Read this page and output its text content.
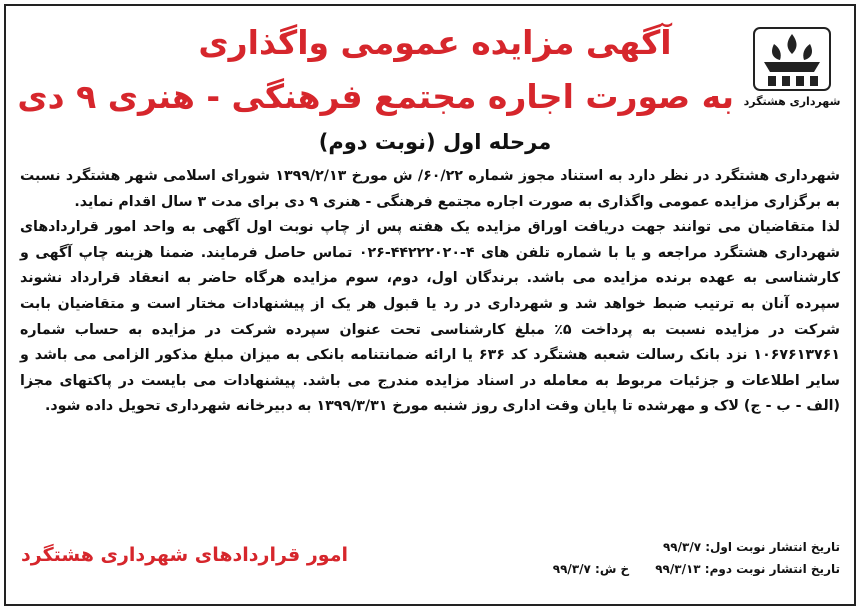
شهرداری هشتگرد
آگهی مزایده عمومی واگذاری
به صورت اجاره مجتمع فرهنگی - هنری ۹ دی
مرحله اول (نوبت دوم)

شهرداری هشتگرد در نظر دارد به استناد مجوز شماره ۶۰/۲۲/ ش مورخ ۱۳۹۹/۲/۱۳ شورای اسلامی شهر هشتگرد نسبت به برگزاری مزایده عمومی واگذاری به صورت اجاره مجتمع فرهنگی - هنری ۹ دی برای مدت ۳ سال اقدام نماید.

لذا متقاضیان می توانند جهت دریافت اوراق مزایده یک هفته پس از چاپ نوبت اول آگهی به واحد امور قراردادهای شهرداری هشتگرد مراجعه و یا با شماره تلفن های ۴-۴۴۲۲۲۰۲۰-۰۲۶ تماس حاصل فرمایند. ضمنا هزینه چاپ آگهی و کارشناسی به عهده برنده مزایده می باشد. برندگان اول، دوم، سوم مزایده هرگاه حاضر به انعقاد قرارداد نشوند سپرده آنان به ترتیب ضبط خواهد شد و شهرداری در رد یا قبول هر یک از پیشنهادات مختار است و متقاضیان بابت شرکت در مزایده نسبت به پرداخت ۵٪ مبلغ کارشناسی تحت عنوان سپرده شرکت در مزایده به حساب شماره ۱۰۶۷۶۱۳۷۶۱ نزد بانک رسالت شعبه هشتگرد کد ۶۳۶ یا ارائه ضمانتنامه بانکی به میزان مبلغ مذکور الزامی می باشد و سایر اطلاعات و جزئیات مربوط به معامله در اسناد مزایده مندرج می باشد. پیشنهادات می بایست در پاکتهای مجزا (الف - ب - ج) لاک و مهرشده تا پایان وقت اداری روز شنبه مورخ ۱۳۹۹/۳/۳۱ به دبیرخانه شهرداری تحویل داده شود.

تاریخ انتشار نوبت اول: ۹۹/۳/۷
تاریخ انتشار نوبت دوم: ۹۹/۳/۱۳
خ ش: ۹۹/۳/۷
امور قراردادهای شهرداری هشتگرد
